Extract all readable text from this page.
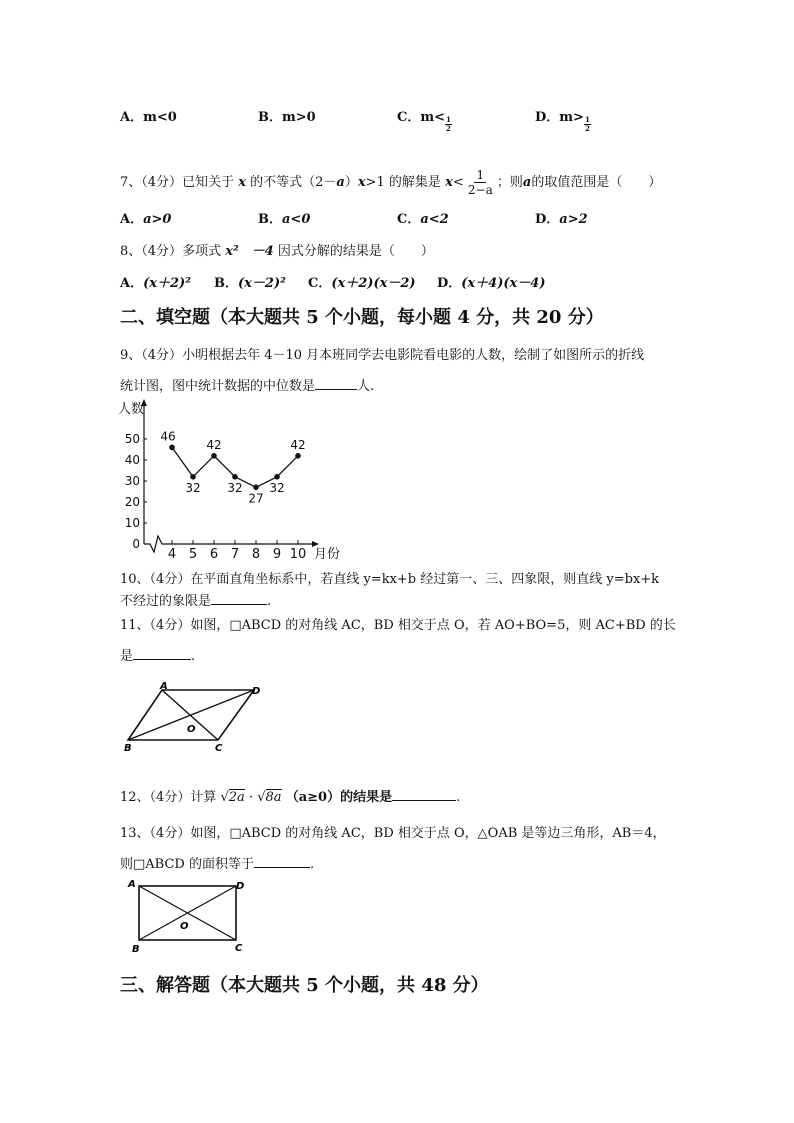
A．m<0	B．m>0	C．$m< \frac{1}{2}$	D．$m> \frac{1}{2}$
7、（4分）已知关于 x 的不等式（2－a）x>1 的解集是 $x< \frac{1}{2-a}$ ；则a的取值范围是（　　）
A．a>0	B．a<0	C．a<2	D．a>2
8、（4分）多项式 x²　－4 因式分解的结果是（　　）
A．(x＋2)² B．(x－2)² C．(x＋2)(x－2) D．(x＋4)(x－4)
二、填空题（本大题共 5 个小题，每小题 4 分，共 20 分）
9、（4分）小明根据去年 4－10 月本班同学去电影院看电影的人数，绘制了如图所示的折线
统计图，图中统计数据的中位数是	人.
0
10
20
30
40
50
人数
4 5 6 7 8 9 10 月份
46
32
42
32
27
32
42
10、（4分）在平面直角坐标系中，若直线 y=kx+b 经过第一、三、四象限，则直线 y=bx+k
不经过的象限是	.
11、（4分）如图，□ABCD 的对角线 AC，BD 相交于点 O，若 AO+BO=5，则 AC+BD 的长
是	.
A	D
B	C
O
12、（4分）计算 √2a · √8a （a≥0）的结果是	.
13、（4分）如图，□ABCD 的对角线 AC，BD 相交于点 O，△OAB 是等边三角形，AB＝4，
则□ABCD 的面积等于	.
A	D
B	C
O
三、解答题（本大题共 5 个小题，共 48 分）
